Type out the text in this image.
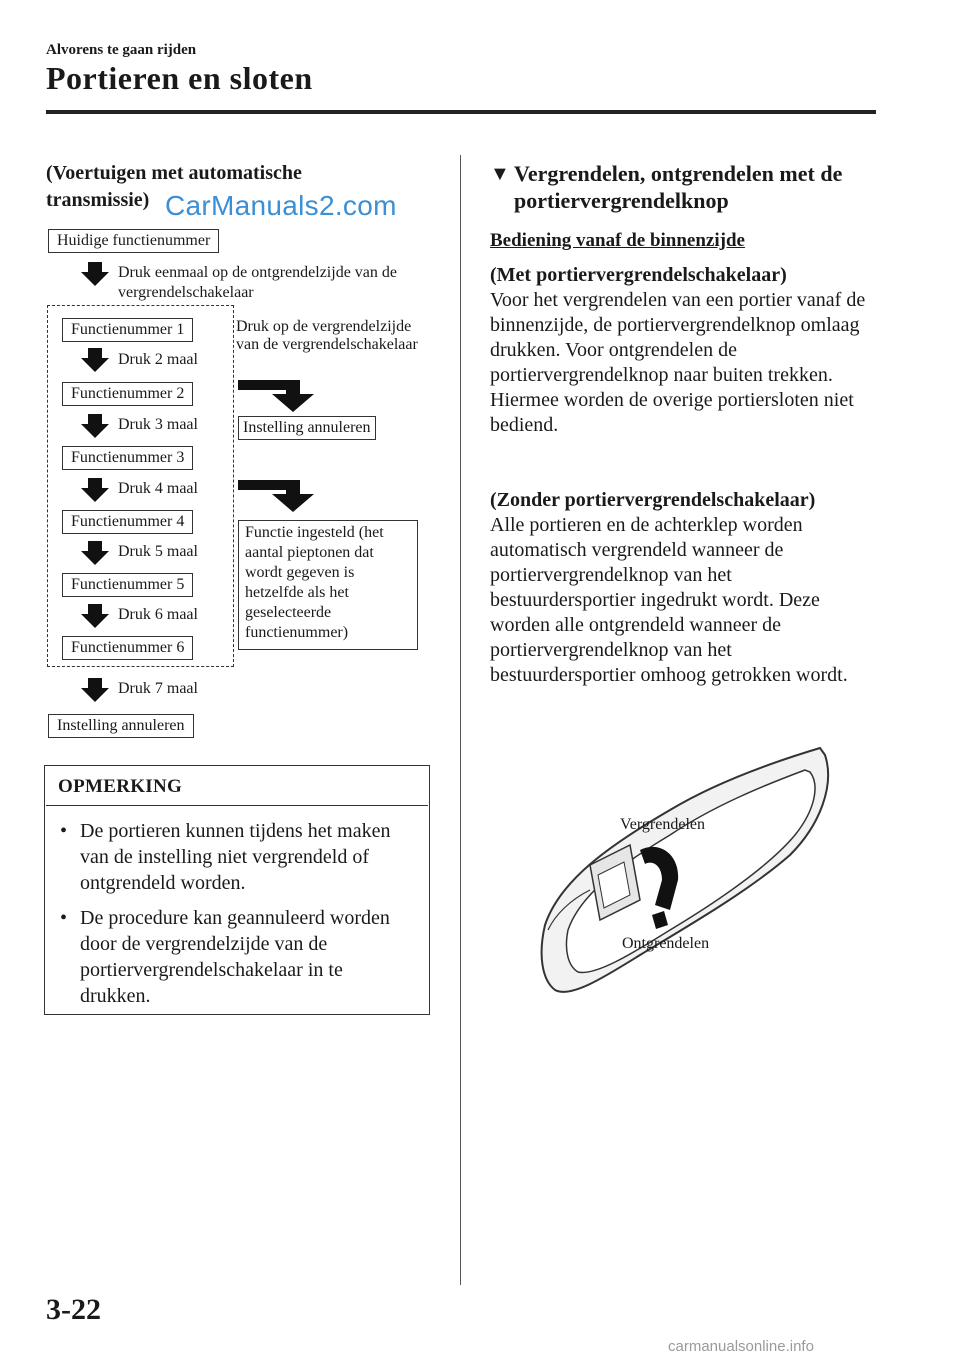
Alvorens te gaan rijden
Portieren en sloten
(Voertuigen met automatische transmissie) CarManuals2.com
Huidige functienummer
Druk eenmaal op de ontgrendelzijde van de vergrendelschakelaar
Functienummer 1
Druk 2 maal
Functienummer 2
Druk 3 maal
Functienummer 3
Druk 4 maal
Functienummer 4
Druk 5 maal
Functienummer 5
Druk 6 maal
Functienummer 6
Druk 7 maal
Instelling annuleren
Druk op de vergrendelzijde van de vergrendelschakelaar
Instelling annuleren
Functie ingesteld (het aantal pieptonen dat wordt gegeven is hetzelfde als het geselecteerde functienummer)
OPMERKING
• De portieren kunnen tijdens het maken van de instelling niet vergrendeld of ontgrendeld worden.
• De procedure kan geannuleerd worden door de vergrendelzijde van de portiervergrendelschakelaar in te drukken.
▼ Vergrendelen, ontgrendelen met de portiervergrendelknop
Bediening vanaf de binnenzijde
(Met portiervergrendelschakelaar)
Voor het vergrendelen van een portier vanaf de binnenzijde, de portiervergrendelknop omlaag drukken. Voor ontgrendelen de portiervergrendelknop naar buiten trekken. Hiermee worden de overige portiersloten niet bediend.
(Zonder portiervergrendelschakelaar)
Alle portieren en de achterklep worden automatisch vergrendeld wanneer de portiervergrendelknop van het bestuurdersportier ingedrukt wordt. Deze worden alle ontgrendeld wanneer de portiervergrendelknop van het bestuurdersportier omhoog getrokken wordt.
Vergrendelen
Ontgrendelen
3-22
carmanualsonline.info
